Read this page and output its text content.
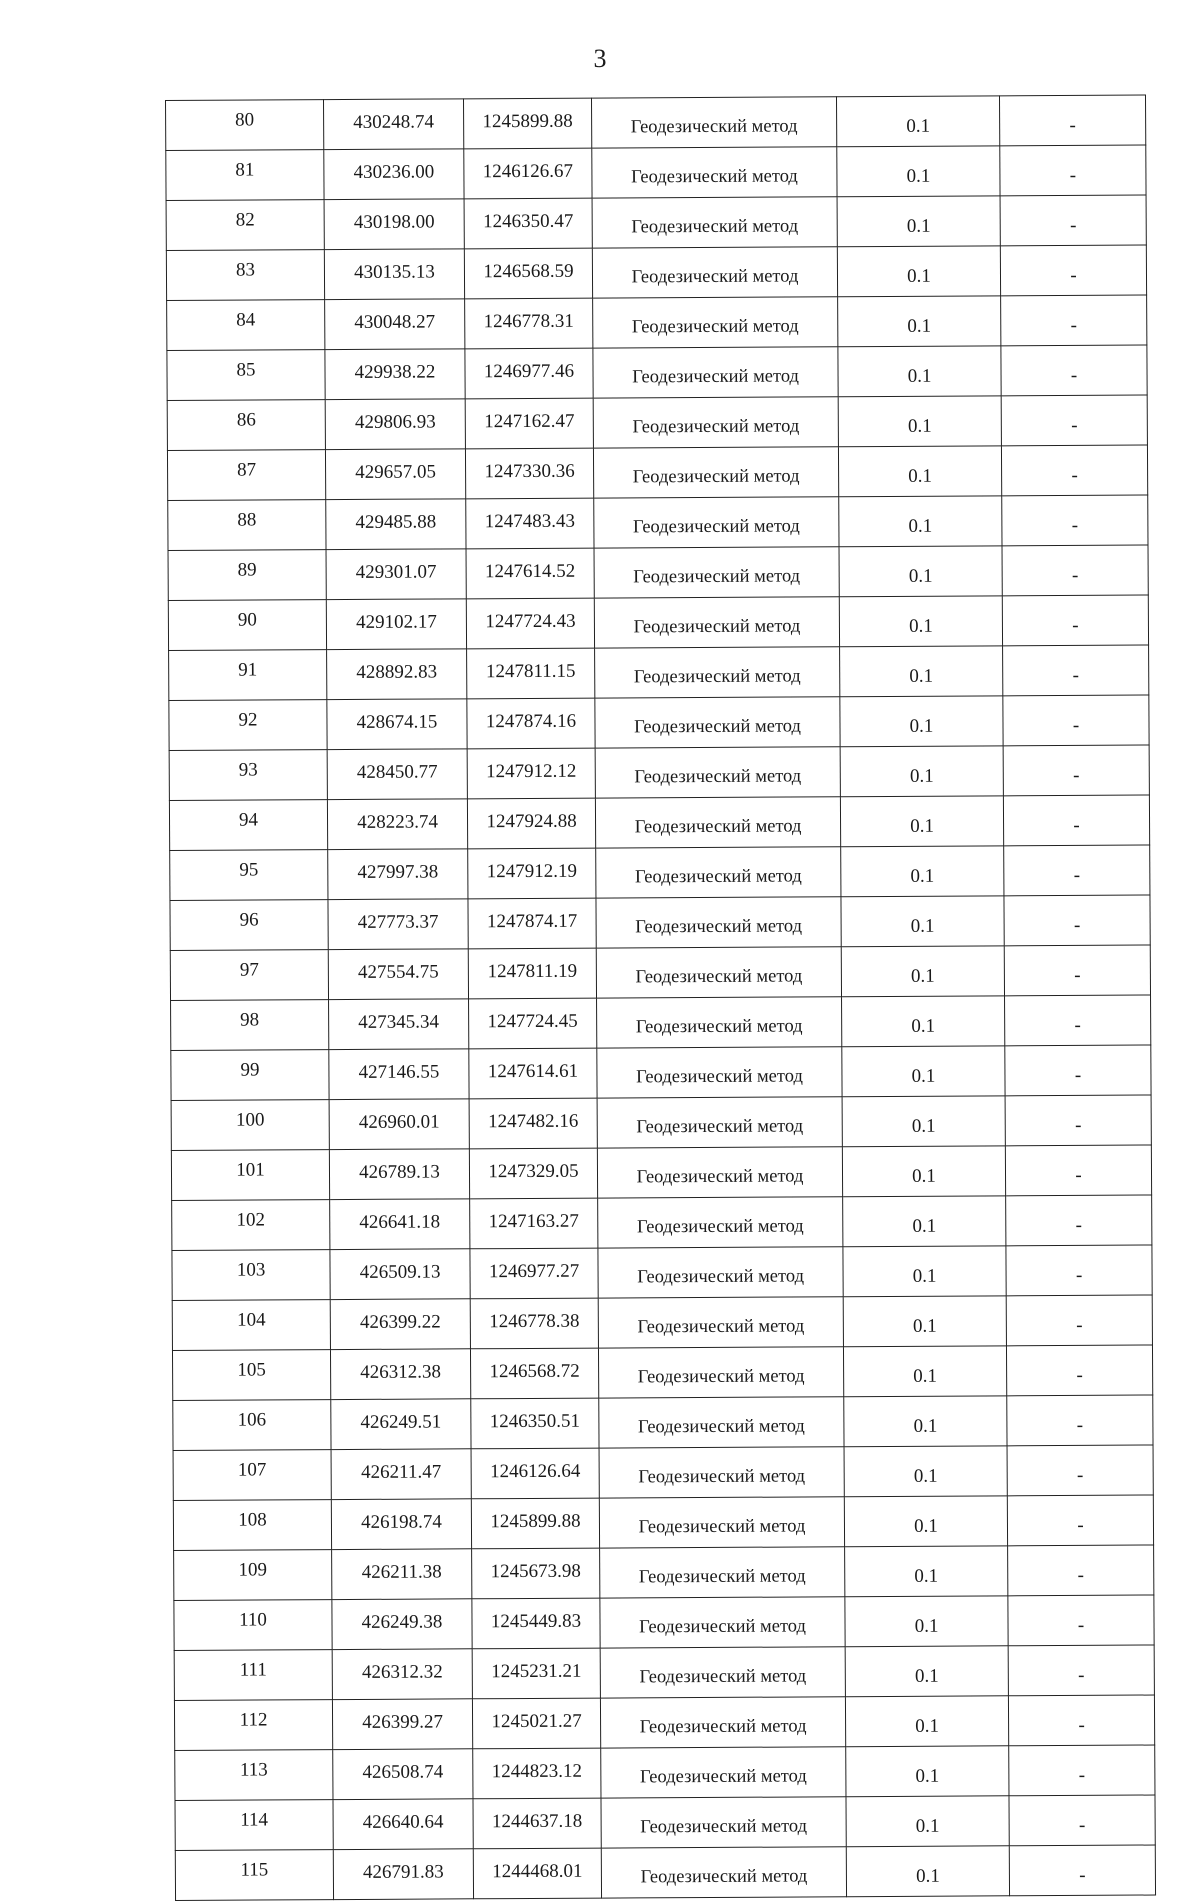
3
80	430248.74	1245899.88	Геодезический метод	0.1	-
81	430236.00	1246126.67	Геодезический метод	0.1	-
82	430198.00	1246350.47	Геодезический метод	0.1	-
83	430135.13	1246568.59	Геодезический метод	0.1	-
84	430048.27	1246778.31	Геодезический метод	0.1	-
85	429938.22	1246977.46	Геодезический метод	0.1	-
86	429806.93	1247162.47	Геодезический метод	0.1	-
87	429657.05	1247330.36	Геодезический метод	0.1	-
88	429485.88	1247483.43	Геодезический метод	0.1	-
89	429301.07	1247614.52	Геодезический метод	0.1	-
90	429102.17	1247724.43	Геодезический метод	0.1	-
91	428892.83	1247811.15	Геодезический метод	0.1	-
92	428674.15	1247874.16	Геодезический метод	0.1	-
93	428450.77	1247912.12	Геодезический метод	0.1	-
94	428223.74	1247924.88	Геодезический метод	0.1	-
95	427997.38	1247912.19	Геодезический метод	0.1	-
96	427773.37	1247874.17	Геодезический метод	0.1	-
97	427554.75	1247811.19	Геодезический метод	0.1	-
98	427345.34	1247724.45	Геодезический метод	0.1	-
99	427146.55	1247614.61	Геодезический метод	0.1	-
100	426960.01	1247482.16	Геодезический метод	0.1	-
101	426789.13	1247329.05	Геодезический метод	0.1	-
102	426641.18	1247163.27	Геодезический метод	0.1	-
103	426509.13	1246977.27	Геодезический метод	0.1	-
104	426399.22	1246778.38	Геодезический метод	0.1	-
105	426312.38	1246568.72	Геодезический метод	0.1	-
106	426249.51	1246350.51	Геодезический метод	0.1	-
107	426211.47	1246126.64	Геодезический метод	0.1	-
108	426198.74	1245899.88	Геодезический метод	0.1	-
109	426211.38	1245673.98	Геодезический метод	0.1	-
110	426249.38	1245449.83	Геодезический метод	0.1	-
111	426312.32	1245231.21	Геодезический метод	0.1	-
112	426399.27	1245021.27	Геодезический метод	0.1	-
113	426508.74	1244823.12	Геодезический метод	0.1	-
114	426640.64	1244637.18	Геодезический метод	0.1	-
115	426791.83	1244468.01	Геодезический метод	0.1	-
